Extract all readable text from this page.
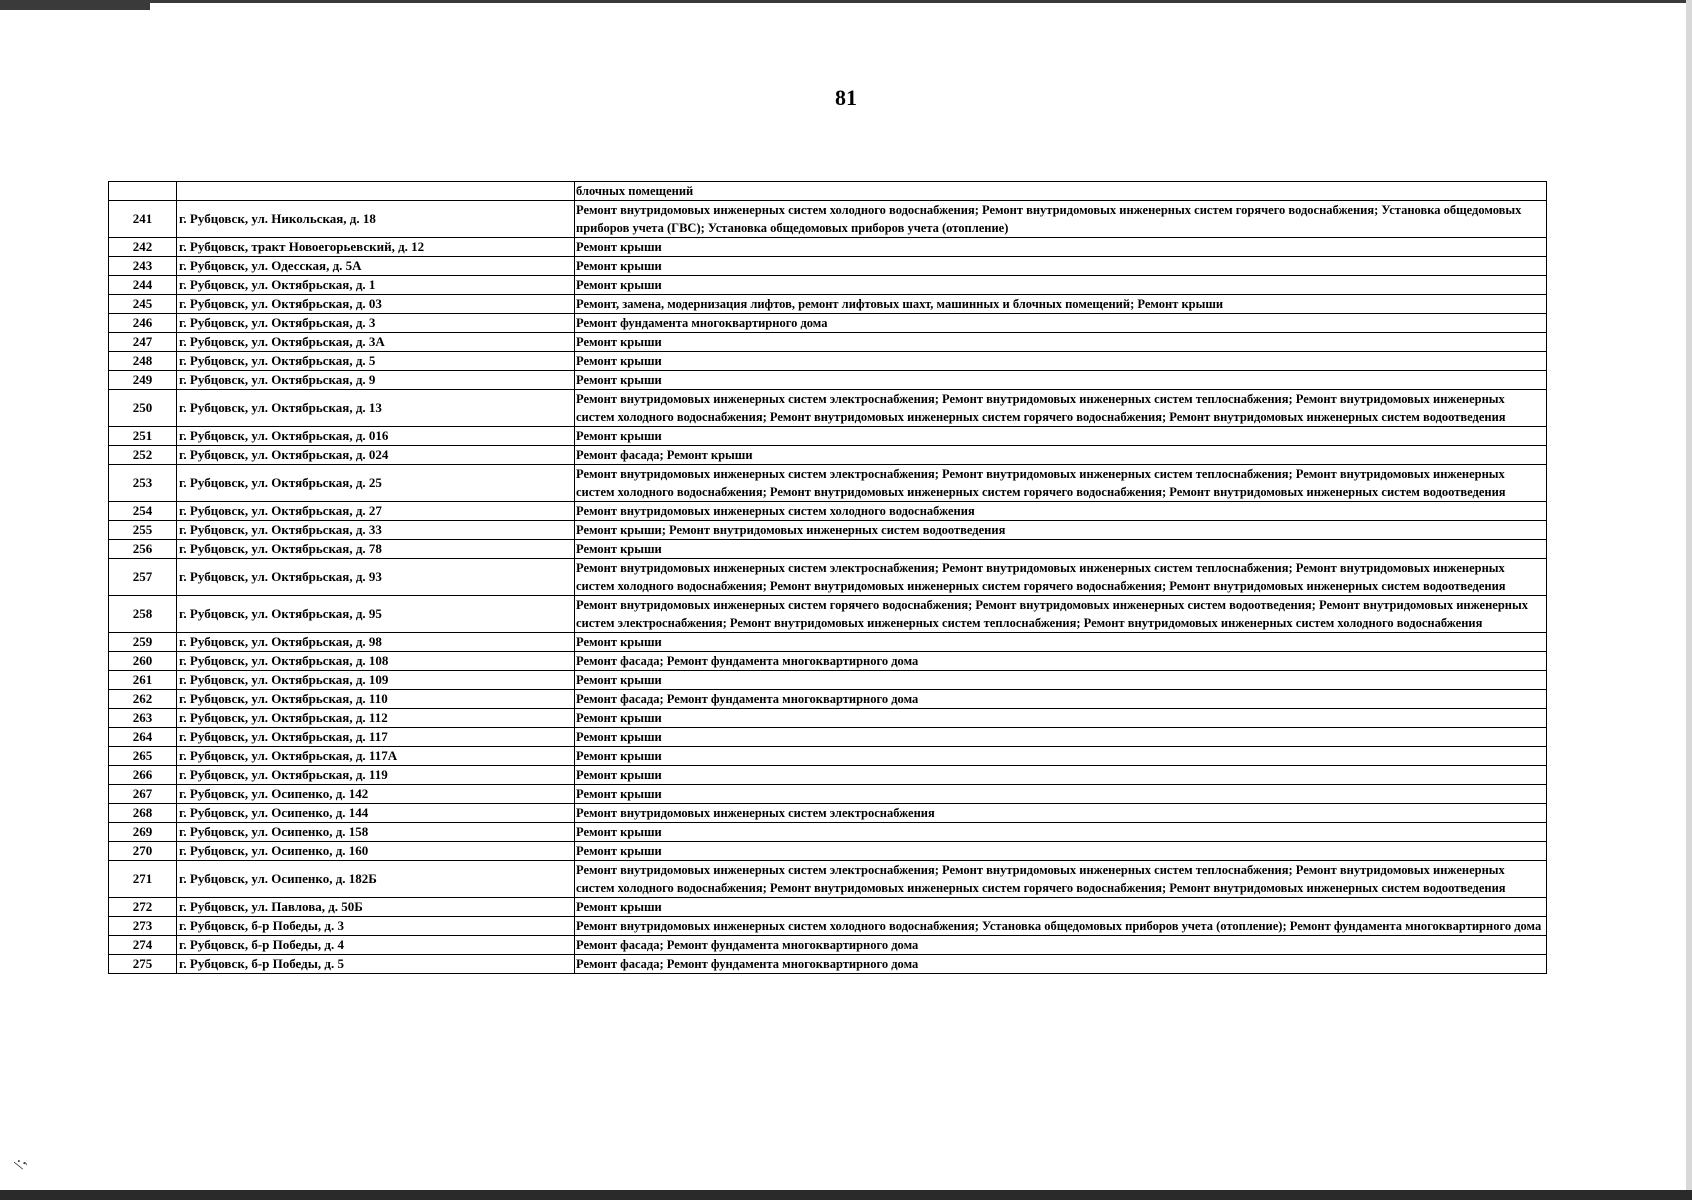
81
/;
		блочных помещений
241	г. Рубцовск, ул. Никольская, д. 18	Ремонт внутридомовых инженерных систем холодного водоснабжения; Ремонт внутридомовых инженерных систем горячего водоснабжения; Установка общедомовых приборов учета (ГВС); Установка общедомовых приборов учета (отопление)
242	г. Рубцовск, тракт Новоегорьевский, д. 12	Ремонт крыши
243	г. Рубцовск, ул. Одесская, д. 5А	Ремонт крыши
244	г. Рубцовск, ул. Октябрьская, д. 1	Ремонт крыши
245	г. Рубцовск, ул. Октябрьская, д. 03	Ремонт, замена, модернизация лифтов, ремонт лифтовых шахт, машинных и блочных помещений; Ремонт крыши
246	г. Рубцовск, ул. Октябрьская, д. 3	Ремонт фундамента многоквартирного дома
247	г. Рубцовск, ул. Октябрьская, д. 3А	Ремонт крыши
248	г. Рубцовск, ул. Октябрьская, д. 5	Ремонт крыши
249	г. Рубцовск, ул. Октябрьская, д. 9	Ремонт крыши
250	г. Рубцовск, ул. Октябрьская, д. 13	Ремонт внутридомовых инженерных систем электроснабжения; Ремонт внутридомовых инженерных систем теплоснабжения; Ремонт внутридомовых инженерных систем холодного водоснабжения; Ремонт внутридомовых инженерных систем горячего водоснабжения; Ремонт внутридомовых инженерных систем водоотведения
251	г. Рубцовск, ул. Октябрьская, д. 016	Ремонт крыши
252	г. Рубцовск, ул. Октябрьская, д. 024	Ремонт фасада; Ремонт крыши
253	г. Рубцовск, ул. Октябрьская, д. 25	Ремонт внутридомовых инженерных систем электроснабжения; Ремонт внутридомовых инженерных систем теплоснабжения; Ремонт внутридомовых инженерных систем холодного водоснабжения; Ремонт внутридомовых инженерных систем горячего водоснабжения; Ремонт внутридомовых инженерных систем водоотведения
254	г. Рубцовск, ул. Октябрьская, д. 27	Ремонт внутридомовых инженерных систем холодного водоснабжения
255	г. Рубцовск, ул. Октябрьская, д. 33	Ремонт крыши; Ремонт внутридомовых инженерных систем водоотведения
256	г. Рубцовск, ул. Октябрьская, д. 78	Ремонт крыши
257	г. Рубцовск, ул. Октябрьская, д. 93	Ремонт внутридомовых инженерных систем электроснабжения; Ремонт внутридомовых инженерных систем теплоснабжения; Ремонт внутридомовых инженерных систем холодного водоснабжения; Ремонт внутридомовых инженерных систем горячего водоснабжения; Ремонт внутридомовых инженерных систем водоотведения
258	г. Рубцовск, ул. Октябрьская, д. 95	Ремонт внутридомовых инженерных систем горячего водоснабжения; Ремонт внутридомовых инженерных систем водоотведения; Ремонт внутридомовых инженерных систем электроснабжения; Ремонт внутридомовых инженерных систем теплоснабжения; Ремонт внутридомовых инженерных систем холодного водоснабжения
259	г. Рубцовск, ул. Октябрьская, д. 98	Ремонт крыши
260	г. Рубцовск, ул. Октябрьская, д. 108	Ремонт фасада; Ремонт фундамента многоквартирного дома
261	г. Рубцовск, ул. Октябрьская, д. 109	Ремонт крыши
262	г. Рубцовск, ул. Октябрьская, д. 110	Ремонт фасада; Ремонт фундамента многоквартирного дома
263	г. Рубцовск, ул. Октябрьская, д. 112	Ремонт крыши
264	г. Рубцовск, ул. Октябрьская, д. 117	Ремонт крыши
265	г. Рубцовск, ул. Октябрьская, д. 117А	Ремонт крыши
266	г. Рубцовск, ул. Октябрьская, д. 119	Ремонт крыши
267	г. Рубцовск, ул. Осипенко, д. 142	Ремонт крыши
268	г. Рубцовск, ул. Осипенко, д. 144	Ремонт внутридомовых инженерных систем электроснабжения
269	г. Рубцовск, ул. Осипенко, д. 158	Ремонт крыши
270	г. Рубцовск, ул. Осипенко, д. 160	Ремонт крыши
271	г. Рубцовск, ул. Осипенко, д. 182Б	Ремонт внутридомовых инженерных систем электроснабжения; Ремонт внутридомовых инженерных систем теплоснабжения; Ремонт внутридомовых инженерных систем холодного водоснабжения; Ремонт внутридомовых инженерных систем горячего водоснабжения; Ремонт внутридомовых инженерных систем водоотведения
272	г. Рубцовск, ул. Павлова, д. 50Б	Ремонт крыши
273	г. Рубцовск, б-р Победы, д. 3	Ремонт внутридомовых инженерных систем холодного водоснабжения; Установка общедомовых приборов учета (отопление); Ремонт фундамента многоквартирного дома
274	г. Рубцовск, б-р Победы, д. 4	Ремонт фасада; Ремонт фундамента многоквартирного дома
275	г. Рубцовск, б-р Победы, д. 5	Ремонт фасада; Ремонт фундамента многоквартирного дома
